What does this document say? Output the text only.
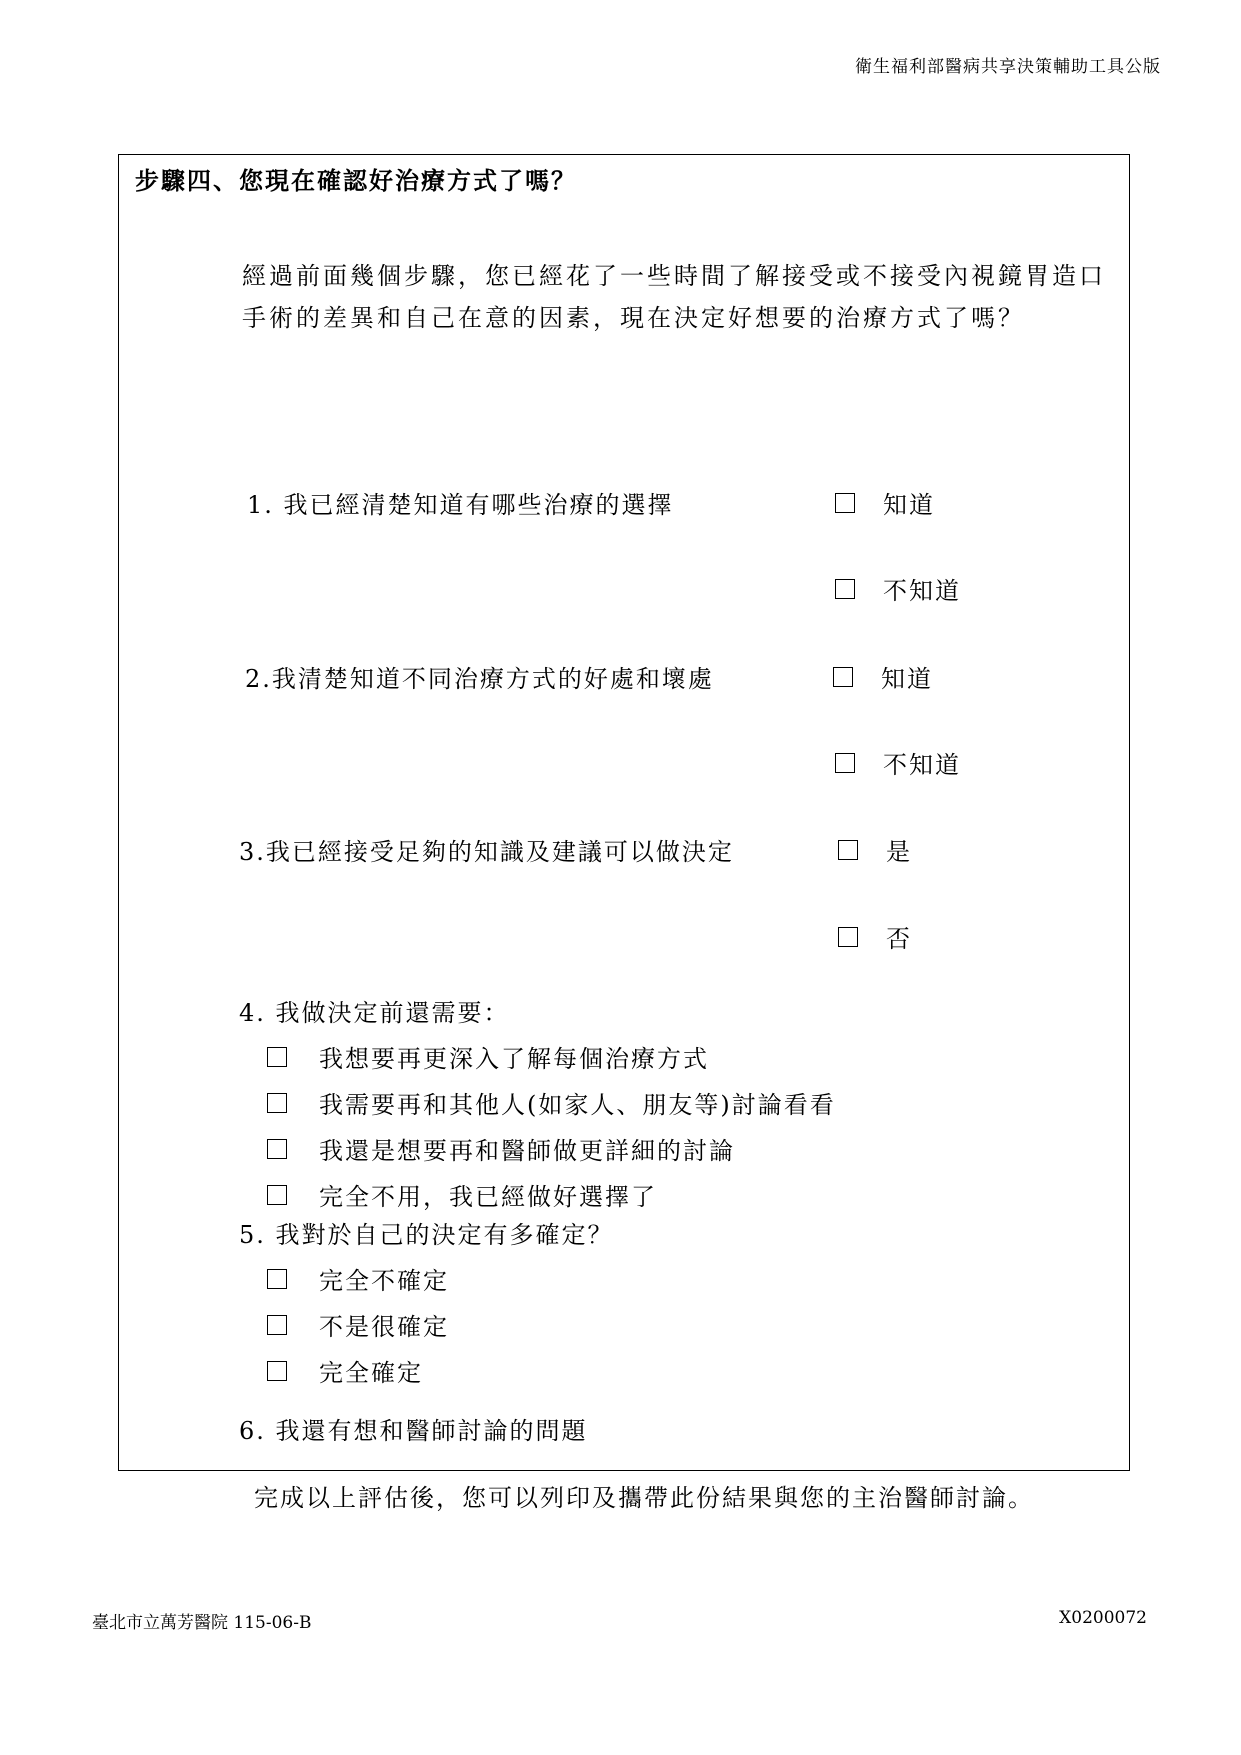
衛生福利部醫病共享決策輔助工具公版
步驟四、您現在確認好治療方式了嗎？

經過前面幾個步驟，您已經花了一些時間了解接受或不接受內視鏡胃造口手術的差異和自己在意的因素，現在決定好想要的治療方式了嗎？

1. 我已經清楚知道有哪些治療的選擇	知道
不知道
2.我清楚知道不同治療方式的好處和壞處	知道
不知道
3.我已經接受足夠的知識及建議可以做決定	是
否
4. 我做決定前還需要：
我想要再更深入了解每個治療方式
我需要再和其他人(如家人、朋友等)討論看看
我還是想要再和醫師做更詳細的討論
完全不用，我已經做好選擇了
5. 我對於自己的決定有多確定？
完全不確定
不是很確定
完全確定
6. 我還有想和醫師討論的問題
完成以上評估後，您可以列印及攜帶此份結果與您的主治醫師討論。
臺北市立萬芳醫院 115-06-B	X0200072
